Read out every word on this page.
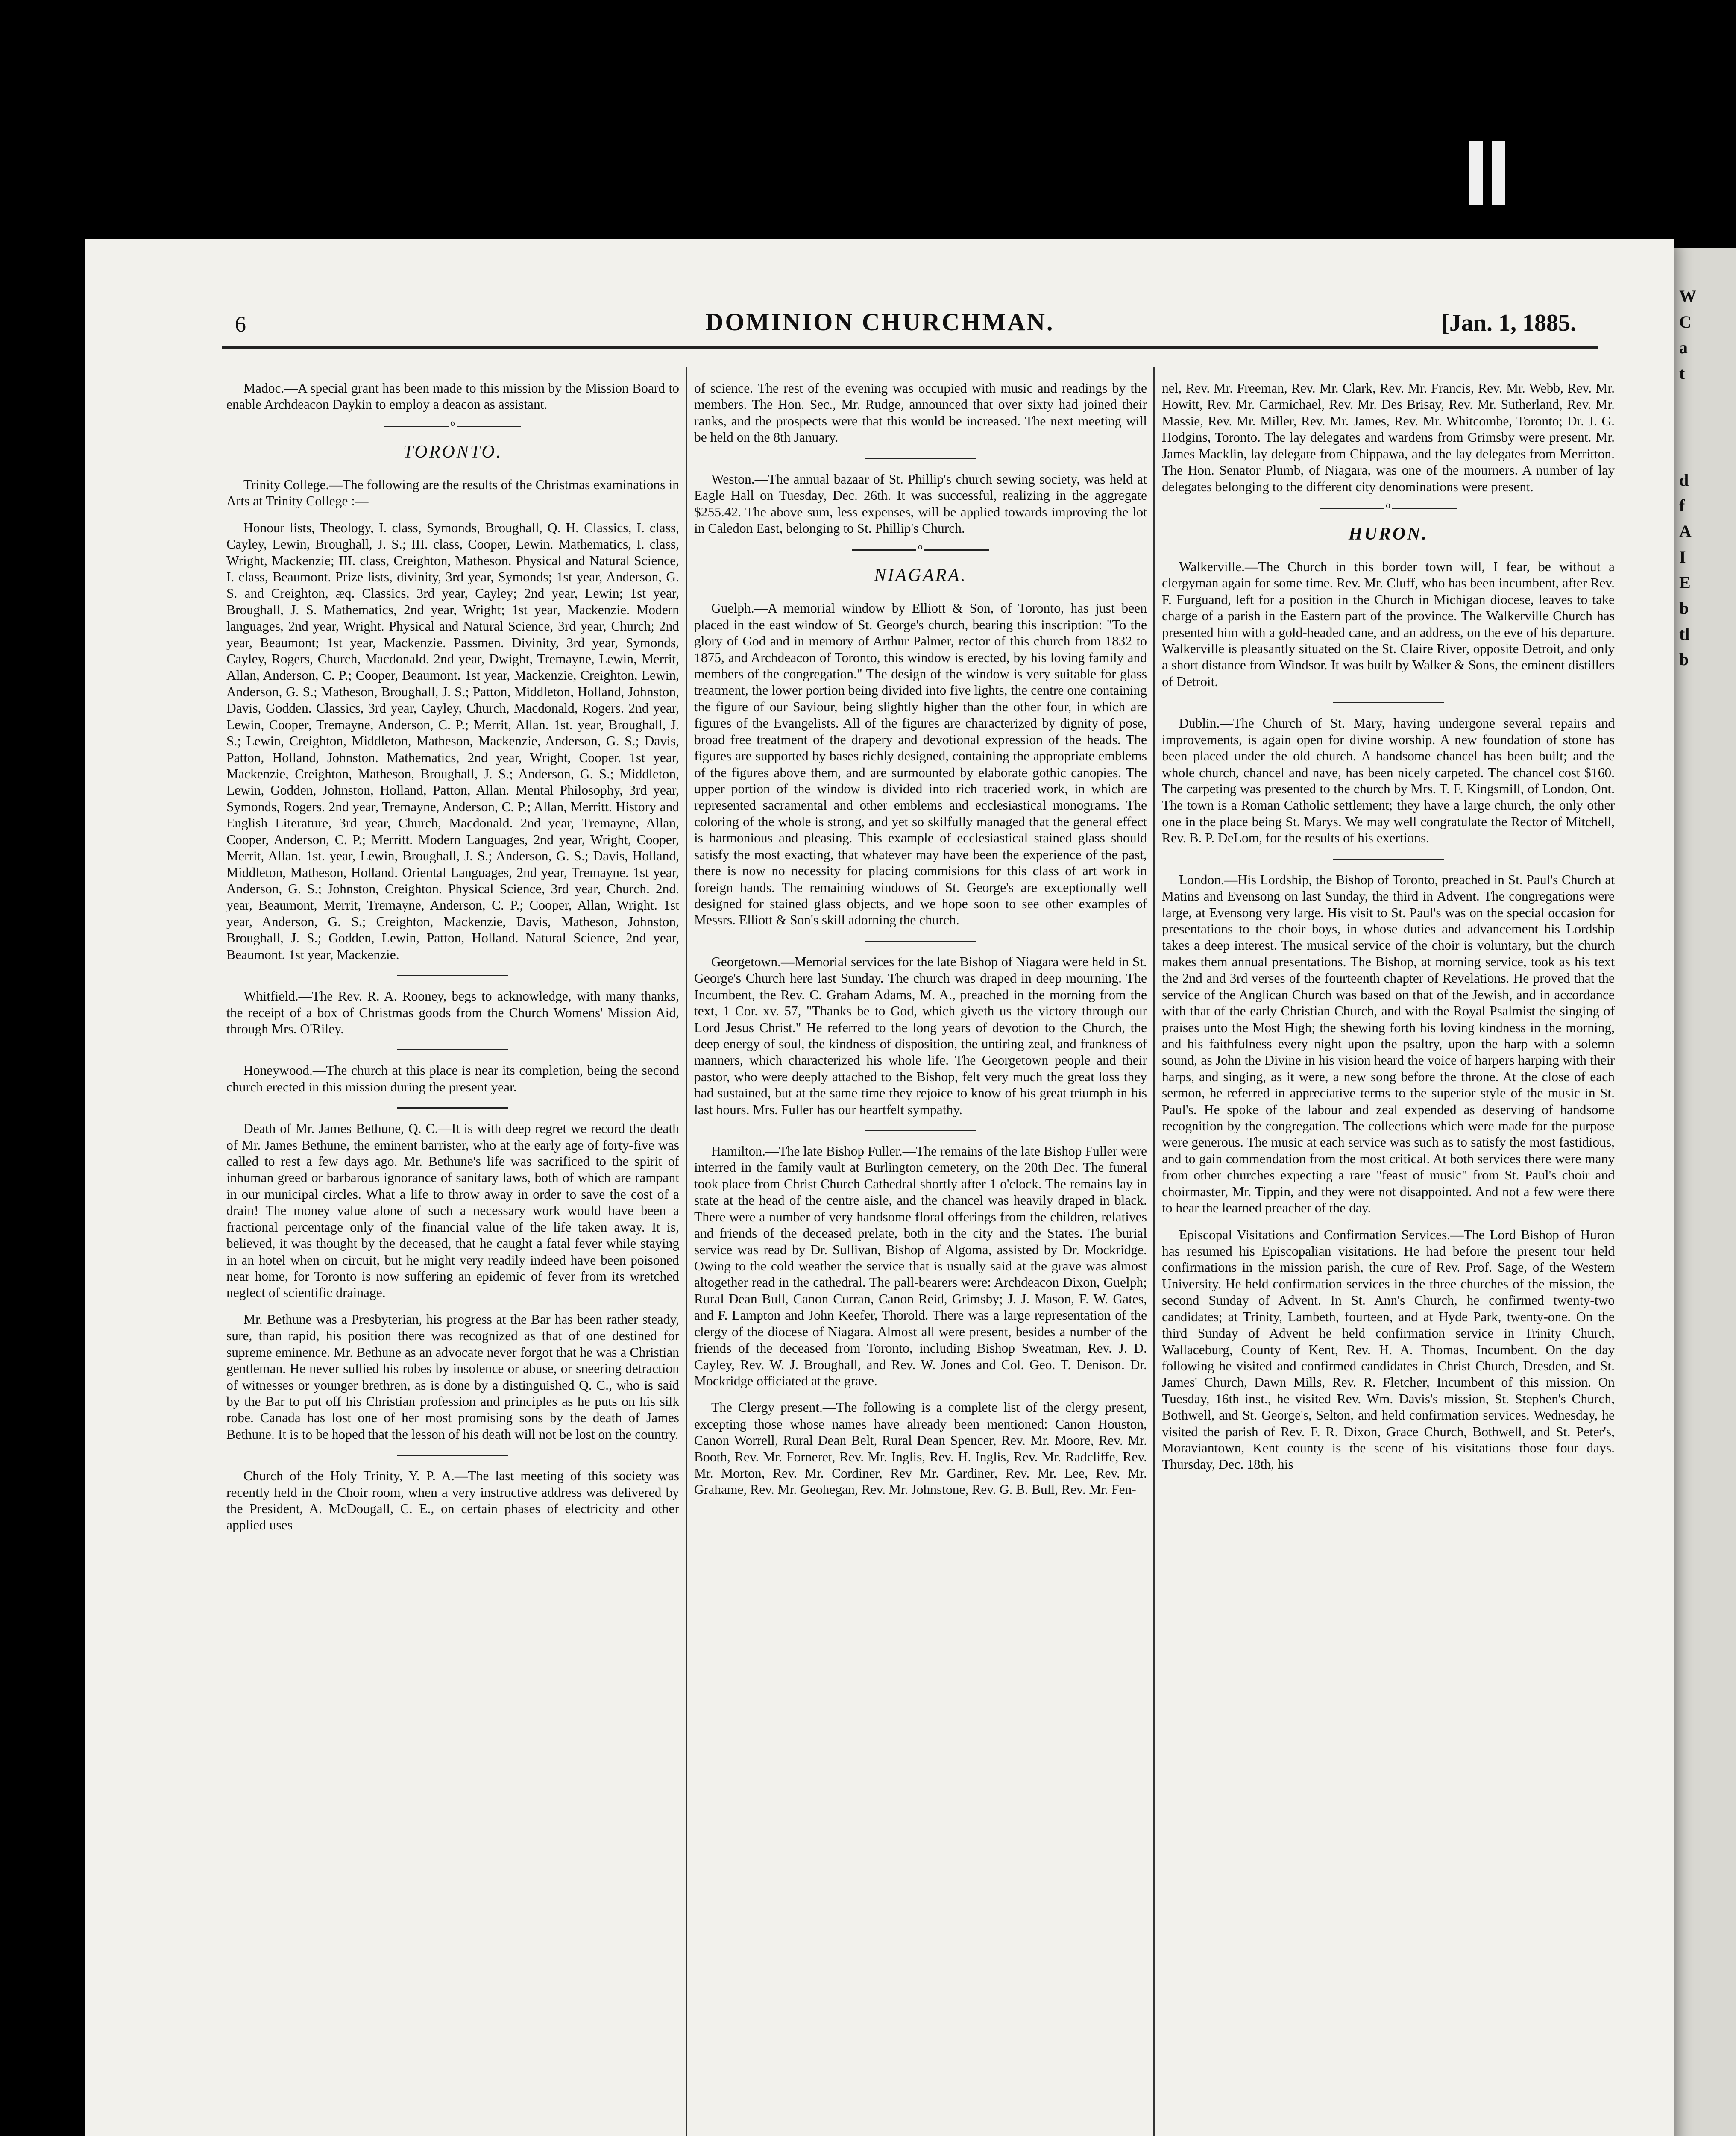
W
C
a
t
d
f
A
I
E
b
tl
b
6	DOMINION CHURCHMAN.	[Jan. 1, 1885.

Madoc.—A special grant has been made to this mission by the Mission Board to enable Archdeacon Daykin to employ a deacon as assistant.

o
TORONTO.

Trinity College.—The following are the results of the Christmas examinations in Arts at Trinity College :—

Honour lists, Theology, I. class, Symonds, Broughall, Q. H. Classics, I. class, Cayley, Lewin, Broughall, J. S.; III. class, Cooper, Lewin. Mathematics, I. class, Wright, Mackenzie; III. class, Creighton, Matheson. Physical and Natural Science, I. class, Beaumont. Prize lists, divinity, 3rd year, Symonds; 1st year, Anderson, G. S. and Creighton, æq. Classics, 3rd year, Cayley; 2nd year, Lewin; 1st year, Broughall, J. S. Mathematics, 2nd year, Wright; 1st year, Mackenzie. Modern languages, 2nd year, Wright. Physical and Natural Science, 3rd year, Church; 2nd year, Beaumont; 1st year, Mackenzie. Passmen. Divinity, 3rd year, Symonds, Cayley, Rogers, Church, Macdonald. 2nd year, Dwight, Tremayne, Lewin, Merrit, Allan, Anderson, C. P.; Cooper, Beaumont. 1st year, Mackenzie, Creighton, Lewin, Anderson, G. S.; Matheson, Broughall, J. S.; Patton, Middleton, Holland, Johnston, Davis, Godden. Classics, 3rd year, Cayley, Church, Macdonald, Rogers. 2nd year, Lewin, Cooper, Tremayne, Anderson, C. P.; Merrit, Allan. 1st. year, Broughall, J. S.; Lewin, Creighton, Middleton, Matheson, Mackenzie, Anderson, G. S.; Davis, Patton, Holland, Johnston. Mathematics, 2nd year, Wright, Cooper. 1st year, Mackenzie, Creighton, Matheson, Broughall, J. S.; Anderson, G. S.; Middleton, Lewin, Godden, Johnston, Holland, Patton, Allan. Mental Philosophy, 3rd year, Symonds, Rogers. 2nd year, Tremayne, Anderson, C. P.; Allan, Merritt. History and English Literature, 3rd year, Church, Macdonald. 2nd year, Tremayne, Allan, Cooper, Anderson, C. P.; Merritt. Modern Languages, 2nd year, Wright, Cooper, Merrit, Allan. 1st. year, Lewin, Broughall, J. S.; Anderson, G. S.; Davis, Holland, Middleton, Matheson, Holland. Oriental Languages, 2nd year, Tremayne. 1st year, Anderson, G. S.; Johnston, Creighton. Physical Science, 3rd year, Church. 2nd. year, Beaumont, Merrit, Tremayne, Anderson, C. P.; Cooper, Allan, Wright. 1st year, Anderson, G. S.; Creighton, Mackenzie, Davis, Matheson, Johnston, Broughall, J. S.; Godden, Lewin, Patton, Holland. Natural Science, 2nd year, Beaumont. 1st year, Mackenzie.

Whitfield.—The Rev. R. A. Rooney, begs to acknowledge, with many thanks, the receipt of a box of Christmas goods from the Church Womens' Mission Aid, through Mrs. O'Riley.

Honeywood.—The church at this place is near its completion, being the second church erected in this mission during the present year.

Death of Mr. James Bethune, Q. C.—It is with deep regret we record the death of Mr. James Bethune, the eminent barrister, who at the early age of forty-five was called to rest a few days ago. Mr. Bethune's life was sacrificed to the spirit of inhuman greed or barbarous ignorance of sanitary laws, both of which are rampant in our municipal circles. What a life to throw away in order to save the cost of a drain! The money value alone of such a necessary work would have been a fractional percentage only of the financial value of the life taken away. It is, believed, it was thought by the deceased, that he caught a fatal fever while staying in an hotel when on circuit, but he might very readily indeed have been poisoned near home, for Toronto is now suffering an epidemic of fever from its wretched neglect of scientific drainage.

Mr. Bethune was a Presbyterian, his progress at the Bar has been rather steady, sure, than rapid, his position there was recognized as that of one destined for supreme eminence. Mr. Bethune as an advocate never forgot that he was a Christian gentleman. He never sullied his robes by insolence or abuse, or sneering detraction of witnesses or younger brethren, as is done by a distinguished Q. C., who is said by the Bar to put off his Christian profession and principles as he puts on his silk robe. Canada has lost one of her most promising sons by the death of James Bethune. It is to be hoped that the lesson of his death will not be lost on the country.

Church of the Holy Trinity, Y. P. A.—The last meeting of this society was recently held in the Choir room, when a very instructive address was delivered by the President, A. McDougall, C. E., on certain phases of electricity and other applied uses

of science. The rest of the evening was occupied with music and readings by the members. The Hon. Sec., Mr. Rudge, announced that over sixty had joined their ranks, and the prospects were that this would be increased. The next meeting will be held on the 8th January.

Weston.—The annual bazaar of St. Phillip's church sewing society, was held at Eagle Hall on Tuesday, Dec. 26th. It was successful, realizing in the aggregate $255.42. The above sum, less expenses, will be applied towards improving the lot in Caledon East, belonging to St. Phillip's Church.

o
NIAGARA.

Guelph.—A memorial window by Elliott & Son, of Toronto, has just been placed in the east window of St. George's church, bearing this inscription: "To the glory of God and in memory of Arthur Palmer, rector of this church from 1832 to 1875, and Archdeacon of Toronto, this window is erected, by his loving family and members of the congregation." The design of the window is very suitable for glass treatment, the lower portion being divided into five lights, the centre one containing the figure of our Saviour, being slightly higher than the other four, in which are figures of the Evangelists. All of the figures are characterized by dignity of pose, broad free treatment of the drapery and devotional expression of the heads. The figures are supported by bases richly designed, containing the appropriate emblems of the figures above them, and are surmounted by elaborate gothic canopies. The upper portion of the window is divided into rich traceried work, in which are represented sacramental and other emblems and ecclesiastical monograms. The coloring of the whole is strong, and yet so skilfully managed that the general effect is harmonious and pleasing. This example of ecclesiastical stained glass should satisfy the most exacting, that whatever may have been the experience of the past, there is now no necessity for placing commisions for this class of art work in foreign hands. The remaining windows of St. George's are exceptionally well designed for stained glass objects, and we hope soon to see other examples of Messrs. Elliott & Son's skill adorning the church.

Georgetown.—Memorial services for the late Bishop of Niagara were held in St. George's Church here last Sunday. The church was draped in deep mourning. The Incumbent, the Rev. C. Graham Adams, M. A., preached in the morning from the text, 1 Cor. xv. 57, "Thanks be to God, which giveth us the victory through our Lord Jesus Christ." He referred to the long years of devotion to the Church, the deep energy of soul, the kindness of disposition, the untiring zeal, and frankness of manners, which characterized his whole life. The Georgetown people and their pastor, who were deeply attached to the Bishop, felt very much the great loss they had sustained, but at the same time they rejoice to know of his great triumph in his last hours. Mrs. Fuller has our heartfelt sympathy.

Hamilton.—The late Bishop Fuller.—The remains of the late Bishop Fuller were interred in the family vault at Burlington cemetery, on the 20th Dec. The funeral took place from Christ Church Cathedral shortly after 1 o'clock. The remains lay in state at the head of the centre aisle, and the chancel was heavily draped in black. There were a number of very handsome floral offerings from the children, relatives and friends of the deceased prelate, both in the city and the States. The burial service was read by Dr. Sullivan, Bishop of Algoma, assisted by Dr. Mockridge. Owing to the cold weather the service that is usually said at the grave was almost altogether read in the cathedral. The pall-bearers were: Archdeacon Dixon, Guelph; Rural Dean Bull, Canon Curran, Canon Reid, Grimsby; J. J. Mason, F. W. Gates, and F. Lampton and John Keefer, Thorold. There was a large representation of the clergy of the diocese of Niagara. Almost all were present, besides a number of the friends of the deceased from Toronto, including Bishop Sweatman, Rev. J. D. Cayley, Rev. W. J. Broughall, and Rev. W. Jones and Col. Geo. T. Denison. Dr. Mockridge officiated at the grave.

The Clergy present.—The following is a complete list of the clergy present, excepting those whose names have already been mentioned: Canon Houston, Canon Worrell, Rural Dean Belt, Rural Dean Spencer, Rev. Mr. Moore, Rev. Mr. Booth, Rev. Mr. Forneret, Rev. Mr. Inglis, Rev. H. Inglis, Rev. Mr. Radcliffe, Rev. Mr. Morton, Rev. Mr. Cordiner, Rev Mr. Gardiner, Rev. Mr. Lee, Rev. Mr. Grahame, Rev. Mr. Geohegan, Rev. Mr. Johnstone, Rev. G. B. Bull, Rev. Mr. Fen-

nel, Rev. Mr. Freeman, Rev. Mr. Clark, Rev. Mr. Francis, Rev. Mr. Webb, Rev. Mr. Howitt, Rev. Mr. Carmichael, Rev. Mr. Des Brisay, Rev. Mr. Sutherland, Rev. Mr. Massie, Rev. Mr. Miller, Rev. Mr. James, Rev. Mr. Whitcombe, Toronto; Dr. J. G. Hodgins, Toronto. The lay delegates and wardens from Grimsby were present. Mr. James Macklin, lay delegate from Chippawa, and the lay delegates from Merritton. The Hon. Senator Plumb, of Niagara, was one of the mourners. A number of lay delegates belonging to the different city denominations were present.

o
HURON.

Walkerville.—The Church in this border town will, I fear, be without a clergyman again for some time. Rev. Mr. Cluff, who has been incumbent, after Rev. F. Furguand, left for a position in the Church in Michigan diocese, leaves to take charge of a parish in the Eastern part of the province. The Walkerville Church has presented him with a gold-headed cane, and an address, on the eve of his departure. Walkerville is pleasantly situated on the St. Claire River, opposite Detroit, and only a short distance from Windsor. It was built by Walker & Sons, the eminent distillers of Detroit.

Dublin.—The Church of St. Mary, having undergone several repairs and improvements, is again open for divine worship. A new foundation of stone has been placed under the old church. A handsome chancel has been built; and the whole church, chancel and nave, has been nicely carpeted. The chancel cost $160. The carpeting was presented to the church by Mrs. T. F. Kingsmill, of London, Ont. The town is a Roman Catholic settlement; they have a large church, the only other one in the place being St. Marys. We may well congratulate the Rector of Mitchell, Rev. B. P. DeLom, for the results of his exertions.

London.—His Lordship, the Bishop of Toronto, preached in St. Paul's Church at Matins and Evensong on last Sunday, the third in Advent. The congregations were large, at Evensong very large. His visit to St. Paul's was on the special occasion for presentations to the choir boys, in whose duties and advancement his Lordship takes a deep interest. The musical service of the choir is voluntary, but the church makes them annual presentations. The Bishop, at morning service, took as his text the 2nd and 3rd verses of the fourteenth chapter of Revelations. He proved that the service of the Anglican Church was based on that of the Jewish, and in accordance with that of the early Christian Church, and with the Royal Psalmist the singing of praises unto the Most High; the shewing forth his loving kindness in the morning, and his faithfulness every night upon the psaltry, upon the harp with a solemn sound, as John the Divine in his vision heard the voice of harpers harping with their harps, and singing, as it were, a new song before the throne. At the close of each sermon, he referred in appreciative terms to the superior style of the music in St. Paul's. He spoke of the labour and zeal expended as deserving of handsome recognition by the congregation. The collections which were made for the purpose were generous. The music at each service was such as to satisfy the most fastidious, and to gain commendation from the most critical. At both services there were many from other churches expecting a rare "feast of music" from St. Paul's choir and choirmaster, Mr. Tippin, and they were not disappointed. And not a few were there to hear the learned preacher of the day.

Episcopal Visitations and Confirmation Services.—The Lord Bishop of Huron has resumed his Episcopalian visitations. He had before the present tour held confirmations in the mission parish, the cure of Rev. Prof. Sage, of the Western University. He held confirmation services in the three churches of the mission, the second Sunday of Advent. In St. Ann's Church, he confirmed twenty-two candidates; at Trinity, Lambeth, fourteen, and at Hyde Park, twenty-one. On the third Sunday of Advent he held confirmation service in Trinity Church, Wallaceburg, County of Kent, Rev. H. A. Thomas, Incumbent. On the day following he visited and confirmed candidates in Christ Church, Dresden, and St. James' Church, Dawn Mills, Rev. R. Fletcher, Incumbent of this mission. On Tuesday, 16th inst., he visited Rev. Wm. Davis's mission, St. Stephen's Church, Bothwell, and St. George's, Selton, and held confirmation services. Wednesday, he visited the parish of Rev. F. R. Dixon, Grace Church, Bothwell, and St. Peter's, Moraviantown, Kent county is the scene of his visitations those four days. Thursday, Dec. 18th, his
